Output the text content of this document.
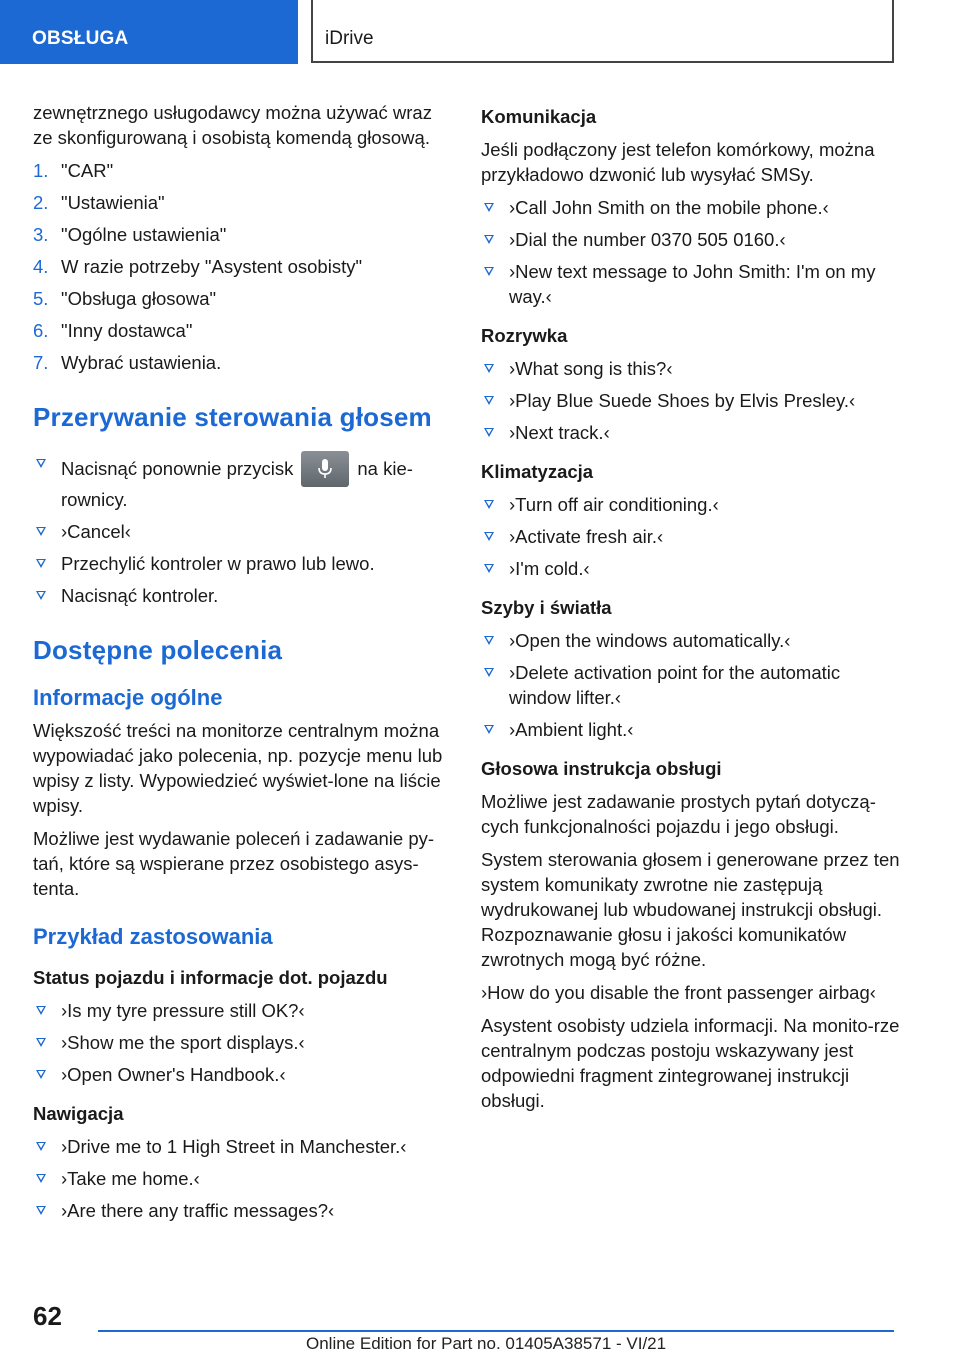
OBSŁUGA	iDrive

zewnętrznego usługodawcy można używać wraz ze skonfigurowaną i osobistą komendą głosową.

1. "CAR"
2. "Ustawienia"
3. "Ogólne ustawienia"
4. W razie potrzeby "Asystent osobisty"
5. "Obsługa głosowa"
6. "Inny dostawca"
7. Wybrać ustawienia.
Przerywanie sterowania głosem
Nacisnąć ponownie przycisk	na kie-rownicy.
›Cancel‹
Przechylić kontroler w prawo lub lewo.
Nacisnąć kontroler.
Dostępne polecenia
Informacje ogólne

Większość treści na monitorze centralnym można wypowiadać jako polecenia, np. pozycje menu lub wpisy z listy. Wypowiedzieć wyświet-lone na liście wpisy.

Możliwe jest wydawanie poleceń i zadawanie py-tań, które są wspierane przez osobistego asys-tenta.

Przykład zastosowania
Status pojazdu i informacje dot. pojazdu
›Is my tyre pressure still OK?‹
›Show me the sport displays.‹
›Open Owner's Handbook.‹
Nawigacja
›Drive me to 1 High Street in Manchester.‹
›Take me home.‹
›Are there any traffic messages?‹
Komunikacja

Jeśli podłączony jest telefon komórkowy, można przykładowo dzwonić lub wysyłać SMSy.

›Call John Smith on the mobile phone.‹
›Dial the number 0370 505 0160.‹
›New text message to John Smith: I'm on my way.‹
Rozrywka
›What song is this?‹
›Play Blue Suede Shoes by Elvis Presley.‹
›Next track.‹
Klimatyzacja
›Turn off air conditioning.‹
›Activate fresh air.‹
›I'm cold.‹
Szyby i światła
›Open the windows automatically.‹
›Delete activation point for the automatic window lifter.‹
›Ambient light.‹
Głosowa instrukcja obsługi

Możliwe jest zadawanie prostych pytań dotyczą-cych funkcjonalności pojazdu i jego obsługi.

System sterowania głosem i generowane przez ten system komunikaty zwrotne nie zastępują wydrukowanej lub wbudowanej instrukcji obsługi. Rozpoznawanie głosu i jakości komunikatów zwrotnych mogą być różne.

›How do you disable the front passenger airbag‹

Asystent osobisty udziela informacji. Na monito-rze centralnym podczas postoju wskazywany jest odpowiedni fragment zintegrowanej instrukcji obsługi.

62
Online Edition for Part no. 01405A38571 - VI/21
